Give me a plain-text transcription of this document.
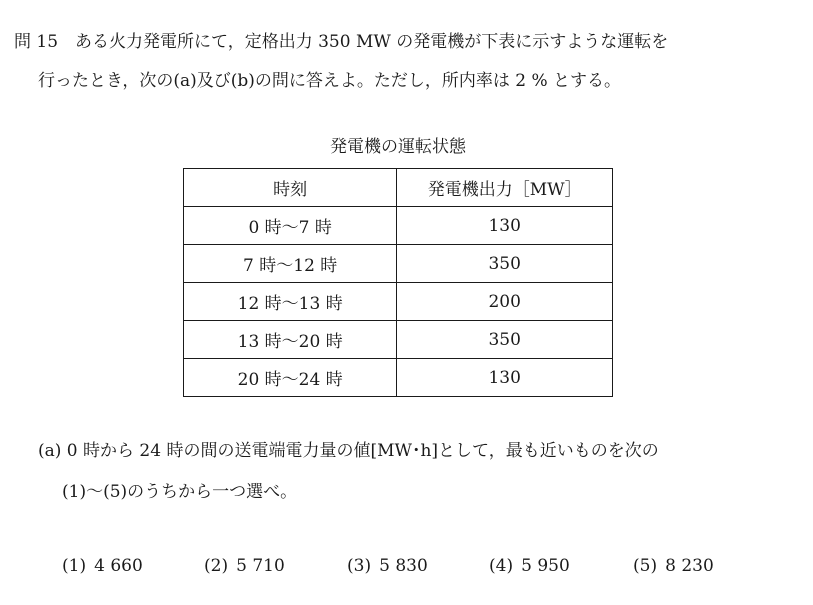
問 15　ある火力発電所にて，定格出力 350 MW の発電機が下表に示すような運転を
行ったとき，次の(a)及び(b)の問に答えよ。ただし，所内率は 2 % とする。
発電機の運転状態
時刻	発電機出力［MW］
0 時〜7 時	130
7 時〜12 時	350
12 時〜13 時	200
13 時〜20 時	350
20 時〜24 時	130
(a) 0 時から 24 時の間の送電端電力量の値[MW･h]として，最も近いものを次の
(1)〜(5)のうちから一つ選べ。
(1) 4 660	(2) 5 710	(3) 5 830	(4) 5 950	(5) 8 230
